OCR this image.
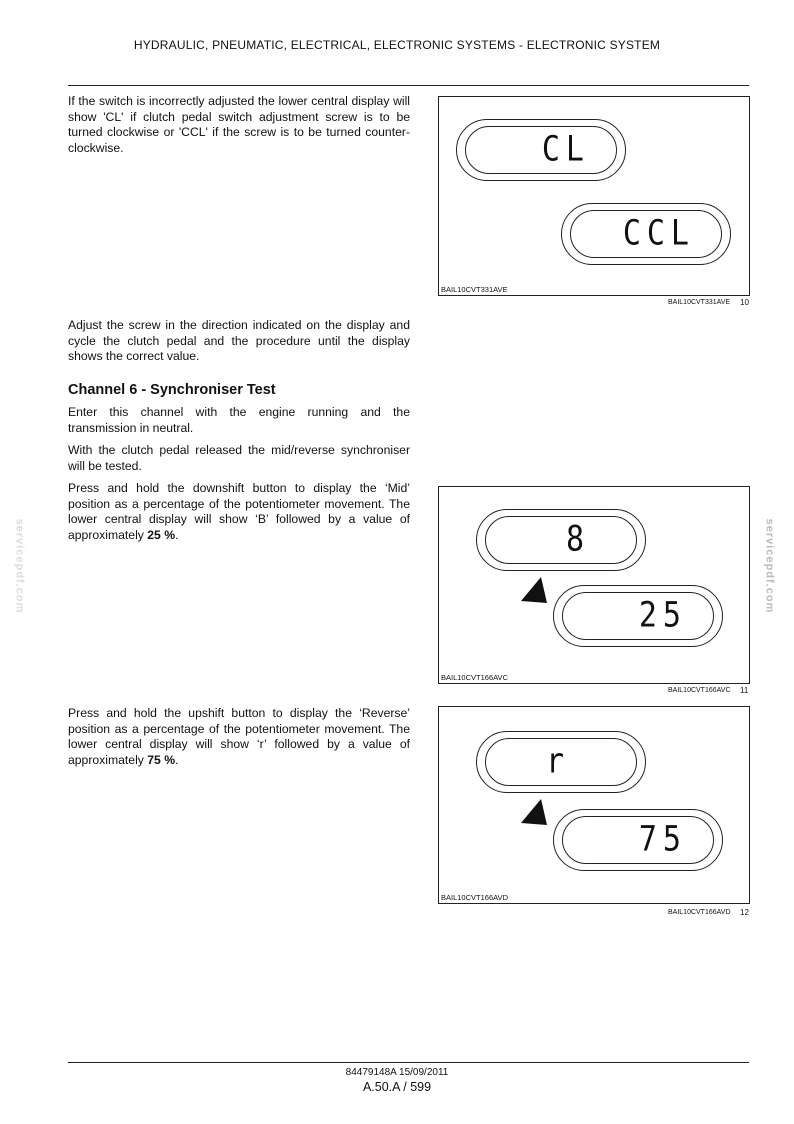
HYDRAULIC, PNEUMATIC, ELECTRICAL, ELECTRONIC SYSTEMS - ELECTRONIC SYSTEM

If the switch is incorrectly adjusted the lower central display will show 'CL' if clutch pedal switch adjustment screw is to be turned clockwise or 'CCL' if the screw is to be turned counter-clockwise.	CL
CCL
BAIL10CVT331AVE
BAIL10CVT331AVE 10

Adjust the screw in the direction indicated on the display and cycle the clutch pedal and the procedure until the display shows the correct value.

Channel 6 - Synchroniser Test

Enter this channel with the engine running and the transmission in neutral.

With the clutch pedal released the mid/reverse synchroniser will be tested.

Press and hold the downshift button to display the ‘Mid’ position as a percentage of the potentiometer movement. The lower central display will show ‘B’ followed by a value of approximately 25 %.	8
25
BAIL10CVT166AVC
BAIL10CVT166AVC 11

Press and hold the upshift button to display the ‘Reverse’ position as a percentage of the potentiometer movement. The lower central display will show ‘r’ followed by a value of approximately 75 %.	r
75
BAIL10CVT166AVD
BAIL10CVT166AVD 12
servicepdf.com	servicepdf.com
84479148A 15/09/2011
A.50.A / 599
